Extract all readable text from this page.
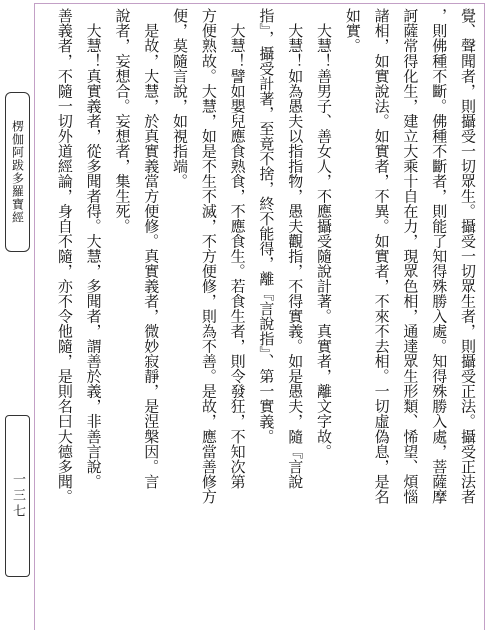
楞伽阿跋多羅寶經
一三七	覺、聲聞者，則攝受一切眾生。攝受一切眾生者，則攝受正法。攝受正法者
，則佛種不斷。佛種不斷者，則能了知得殊勝入處。知得殊勝入處，菩薩摩
訶薩常得化生，建立大乘十自在力，現眾色相，通達眾生形類、悕望、煩惱
諸相，如實說法。如實者，不異。如實者，不來不去相。一切虛偽息，是名
如實。
　大慧！善男子、善女人，不應攝受隨說計著。真實者，離文字故。
　大慧！如為愚夫以指指物，愚夫觀指，不得實義。如是愚夫，隨『言說
指』，攝受計著，至竟不捨，終不能得，離『言說指』、第一實義。
　大慧！譬如嬰兒應食熟食，不應食生。若食生者，則令發狂，不知次第
方便熟故。大慧，如是不生不滅，不方便修，則為不善。是故，應當善修方
便，莫隨言說，如視指端。
　是故，大慧，於真實義當方便修。真實義者，微妙寂靜，是涅槃因。言
說者，妄想合。妄想者，集生死。
　大慧！真實義者，從多聞者得。大慧，多聞者，謂善於義，非善言說。
善義者，不隨一切外道經論，身自不隨，亦不令他隨，是則名曰大德多聞。
